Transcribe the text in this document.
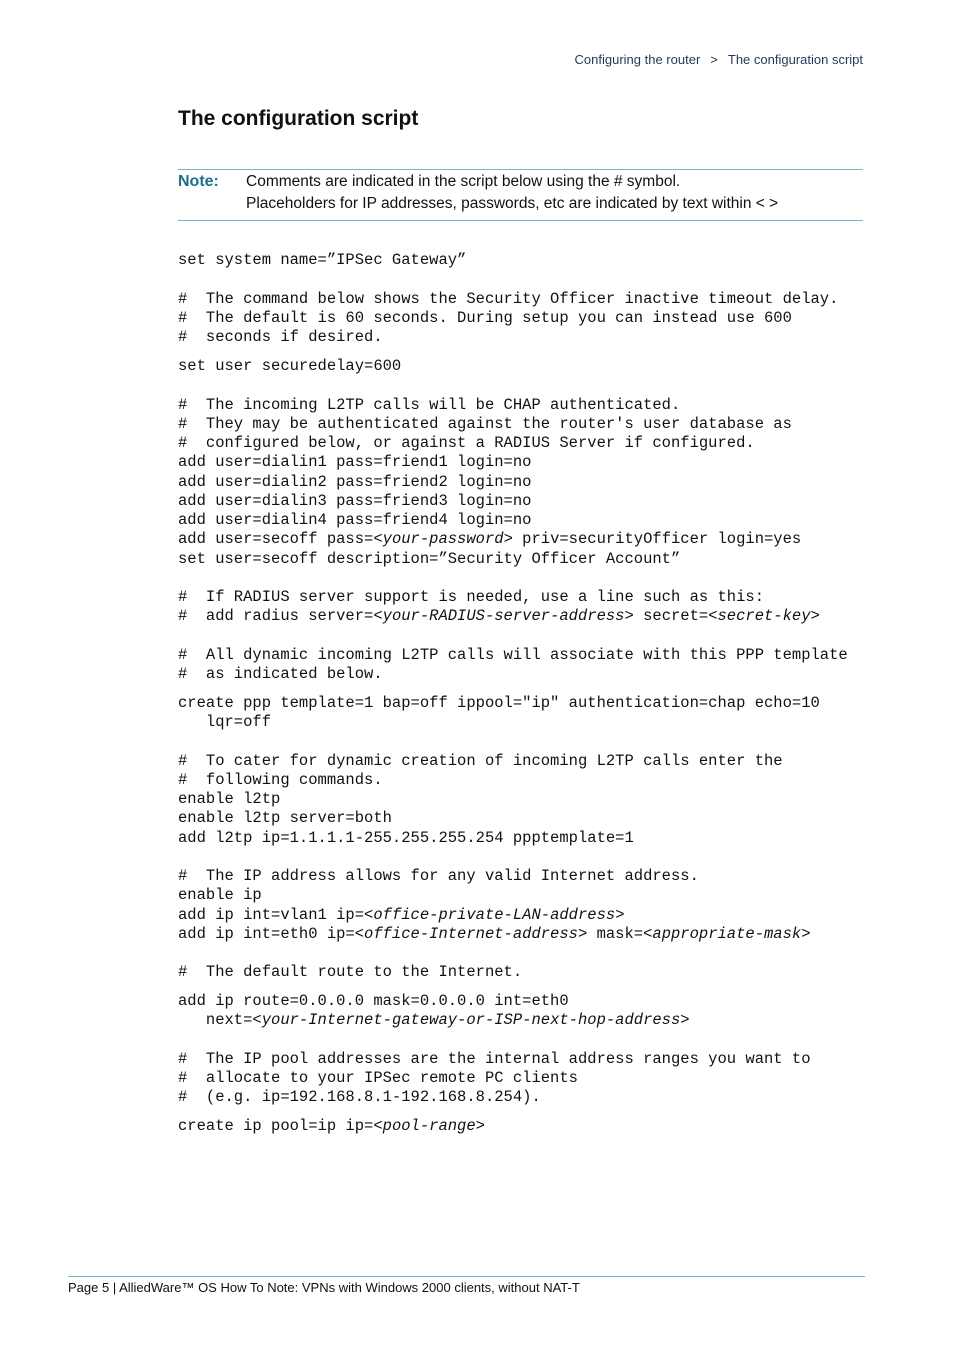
Configuring the router > The configuration script
The configuration script
Note: Comments are indicated in the script below using the # symbol.
Placeholders for IP addresses, passwords, etc are indicated by text within < >
set system name=”IPSec Gateway”
#  The command below shows the Security Officer inactive timeout delay.
#  The default is 60 seconds. During setup you can instead use 600
#  seconds if desired.
set user securedelay=600
#  The incoming L2TP calls will be CHAP authenticated.
#  They may be authenticated against the router's user database as
#  configured below, or against a RADIUS Server if configured.
add user=dialin1 pass=friend1 login=no
add user=dialin2 pass=friend2 login=no
add user=dialin3 pass=friend3 login=no
add user=dialin4 pass=friend4 login=no
add user=secoff pass=<your-password> priv=securityOfficer login=yes
set user=secoff description=”Security Officer Account”
#  If RADIUS server support is needed, use a line such as this:
#  add radius server=<your-RADIUS-server-address> secret=<secret-key>
#  All dynamic incoming L2TP calls will associate with this PPP template
#  as indicated below.
create ppp template=1 bap=off ippool="ip" authentication=chap echo=10
lqr=off
#  To cater for dynamic creation of incoming L2TP calls enter the
#  following commands.
enable l2tp
enable l2tp server=both
add l2tp ip=1.1.1.1-255.255.255.254 ppptemplate=1
#  The IP address allows for any valid Internet address.
enable ip
add ip int=vlan1 ip=<office-private-LAN-address>
add ip int=eth0 ip=<office-Internet-address> mask=<appropriate-mask>
#  The default route to the Internet.
add ip route=0.0.0.0 mask=0.0.0.0 int=eth0
next=<your-Internet-gateway-or-ISP-next-hop-address>
#  The IP pool addresses are the internal address ranges you want to
#  allocate to your IPSec remote PC clients
#  (e.g. ip=192.168.8.1-192.168.8.254).
create ip pool=ip ip=<pool-range>
Page 5 | AlliedWare™ OS How To Note: VPNs with Windows 2000 clients, without NAT-T
